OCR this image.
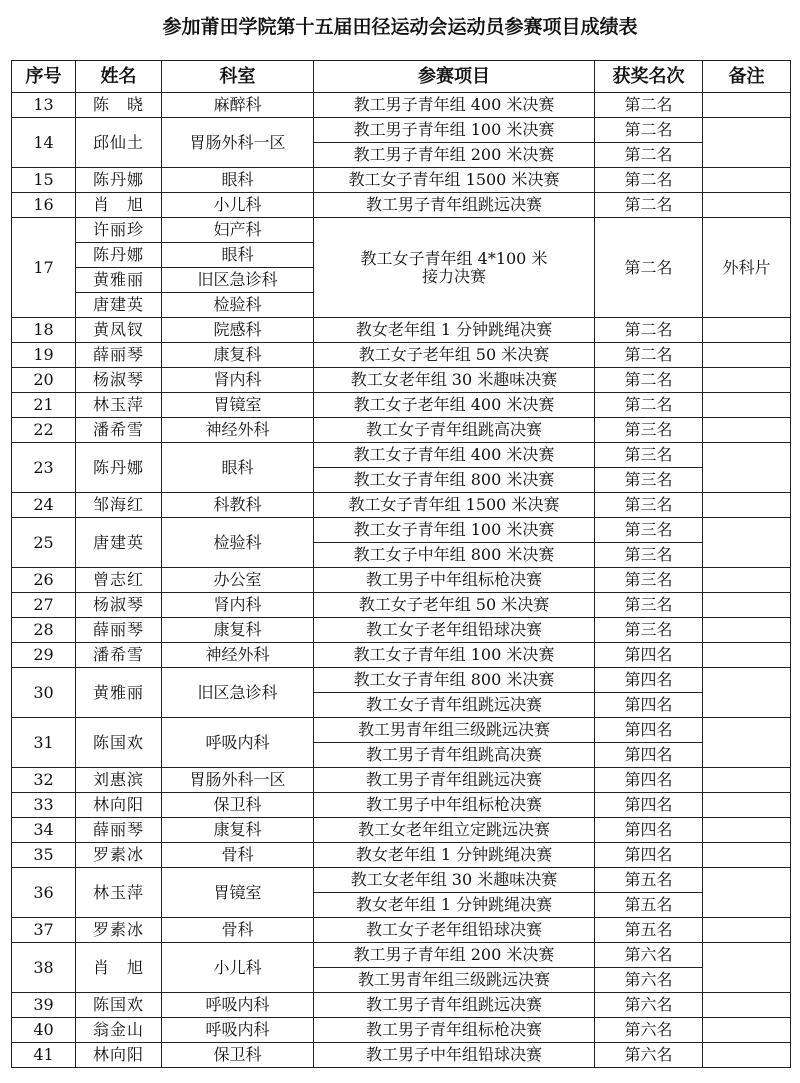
参加莆田学院第十五届田径运动会运动员参赛项目成绩表
序号	姓名	科室	参赛项目	获奖名次	备注
13	陈　晓	麻醉科	教工男子青年组 400 米决赛	第二名	
14	邱仙土	胃肠外科一区	教工男子青年组 100 米决赛	第二名	
			教工男子青年组 200 米决赛	第二名	
15	陈丹娜	眼科	教工女子青年组 1500 米决赛	第二名	
16	肖　旭	小儿科	教工男子青年组跳远决赛	第二名	
17	许丽珍	妇产科	教工女子青年组 4*100 米
接力决赛	第二名	外科片
	陈丹娜	眼科			
	黄雅丽	旧区急诊科			
	唐建英	检验科			
18	黄凤钗	院感科	教女老年组 1 分钟跳绳决赛	第二名	
19	薛丽琴	康复科	教工女子老年组 50 米决赛	第二名	
20	杨淑琴	肾内科	教工女老年组 30 米趣味决赛	第二名	
21	林玉萍	胃镜室	教工女子老年组 400 米决赛	第二名	
22	潘希雪	神经外科	教工女子青年组跳高决赛	第三名	
23	陈丹娜	眼科	教工女子青年组 400 米决赛	第三名	
			教工女子青年组 800 米决赛	第三名	
24	邹海红	科教科	教工女子青年组 1500 米决赛	第三名	
25	唐建英	检验科	教工女子青年组 100 米决赛	第三名	
			教工女子中年组 800 米决赛	第三名	
26	曾志红	办公室	教工男子中年组标枪决赛	第三名	
27	杨淑琴	肾内科	教工女子老年组 50 米决赛	第三名	
28	薛丽琴	康复科	教工女子老年组铅球决赛	第三名	
29	潘希雪	神经外科	教工女子青年组 100 米决赛	第四名	
30	黄雅丽	旧区急诊科	教工女子青年组 800 米决赛	第四名	
			教工女子青年组跳远决赛	第四名	
31	陈国欢	呼吸内科	教工男青年组三级跳远决赛	第四名	
			教工男子青年组跳高决赛	第四名	
32	刘惠滨	胃肠外科一区	教工男子青年组跳远决赛	第四名	
33	林向阳	保卫科	教工男子中年组标枪决赛	第四名	
34	薛丽琴	康复科	教工女老年组立定跳远决赛	第四名	
35	罗素冰	骨科	教女老年组 1 分钟跳绳决赛	第四名	
36	林玉萍	胃镜室	教工女老年组 30 米趣味决赛	第五名	
			教女老年组 1 分钟跳绳决赛	第五名	
37	罗素冰	骨科	教工女子老年组铅球决赛	第五名	
38	肖　旭	小儿科	教工男子青年组 200 米决赛	第六名	
			教工男青年组三级跳远决赛	第六名	
39	陈国欢	呼吸内科	教工男子青年组跳远决赛	第六名	
40	翁金山	呼吸内科	教工男子青年组标枪决赛	第六名	
41	林向阳	保卫科	教工男子中年组铅球决赛	第六名	
